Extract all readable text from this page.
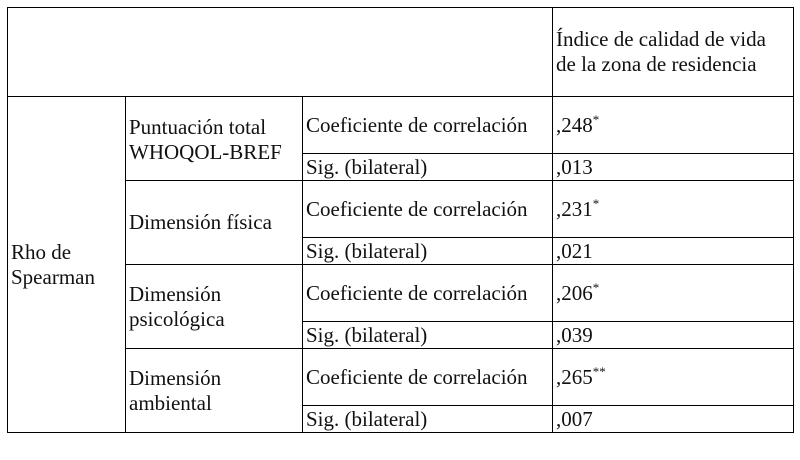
			Índice de calidad de vida de la zona de residencia
Rho de Spearman	Puntuación total WHOQOL-BREF	Coeficiente de correlación	,248*
		Sig. (bilateral)	,013
	Dimensión física	Coeficiente de correlación	,231*
		Sig. (bilateral)	,021
	Dimensión psicológica	Coeficiente de correlación	,206*
		Sig. (bilateral)	,039
	Dimensión ambiental	Coeficiente de correlación	,265**
		Sig. (bilateral)	,007
